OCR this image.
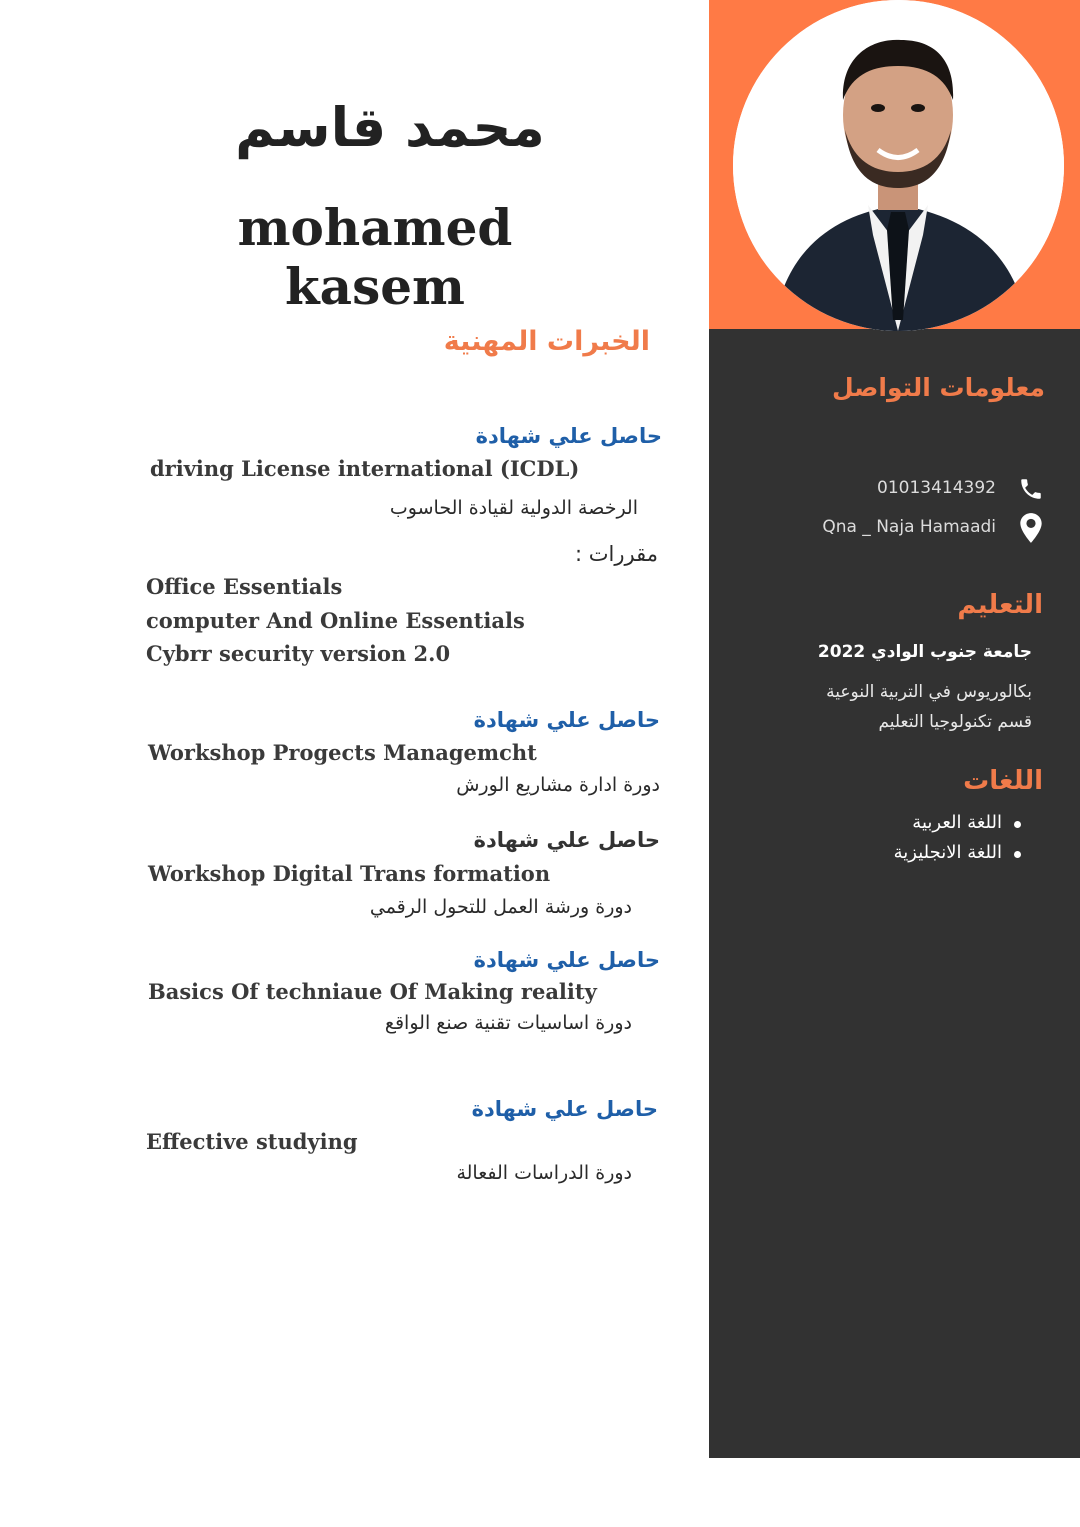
محمد قاسم
mohamed kasem
الخبرات المهنية
حاصل علي شهادة
driving License international (ICDL)
الرخصة الدولية لقيادة الحاسوب
مقررات :
Office Essentials
computer And Online Essentials
Cybrr security version 2.0
حاصل علي شهادة
Workshop Progects Managemcht
دورة ادارة مشاريع الورش
حاصل علي شهادة
Workshop Digital Trans formation
دورة ورشة العمل للتحول الرقمي
حاصل علي شهادة
Basics Of techniaue Of Making reality
دورة اساسيات تقنية صنع الواقع
حاصل علي شهادة
Effective studying
دورة الدراسات الفعالة
معلومات التواصل
01013414392
Qna _ Naja Hamaadi
التعليم
جامعة جنوب الوادي 2022
بكالوريوس في التربية النوعية
قسم تكنولوجيا التعليم
اللغات
اللغة العربية
اللغة الانجليزية
